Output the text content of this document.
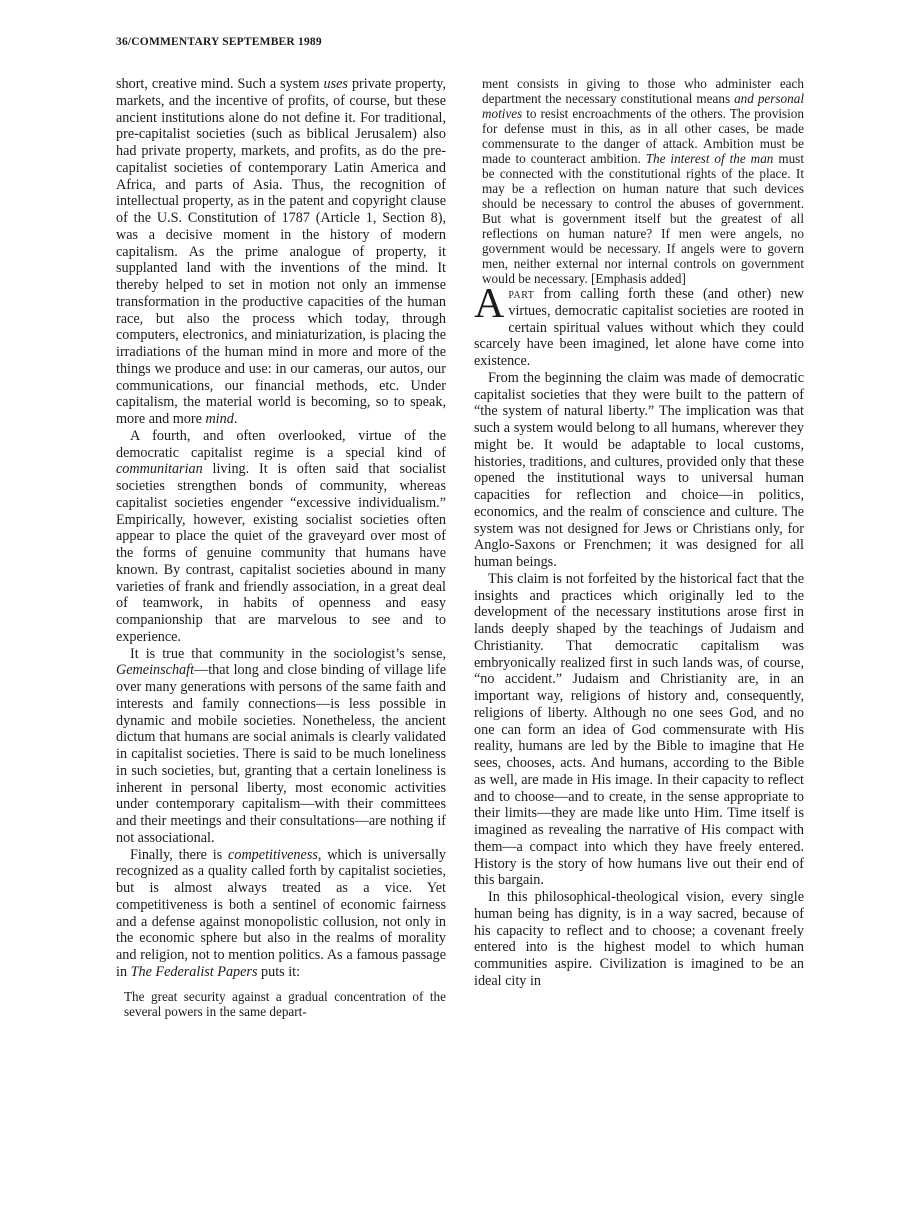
36/COMMENTARY SEPTEMBER 1989

short, creative mind. Such a system uses private property, markets, and the incentive of profits, of course, but these ancient institutions alone do not define it. For traditional, pre-capitalist societies (such as biblical Jerusalem) also had private property, markets, and profits, as do the pre-capitalist societies of contemporary Latin America and Africa, and parts of Asia. Thus, the recognition of intellectual property, as in the patent and copyright clause of the U.S. Constitution of 1787 (Article 1, Section 8), was a decisive moment in the history of modern capitalism. As the prime analogue of property, it supplanted land with the inventions of the mind. It thereby helped to set in motion not only an immense transformation in the productive capacities of the human race, but also the process which today, through computers, electronics, and miniaturization, is placing the irradiations of the human mind in more and more of the things we produce and use: in our cameras, our autos, our communications, our financial methods, etc. Under capitalism, the material world is becoming, so to speak, more and more mind.

A fourth, and often overlooked, virtue of the democratic capitalist regime is a special kind of communitarian living. It is often said that socialist societies strengthen bonds of community, whereas capitalist societies engender “excessive individualism.” Empirically, however, existing socialist societies often appear to place the quiet of the graveyard over most of the forms of genuine community that humans have known. By contrast, capitalist societies abound in many varieties of frank and friendly association, in a great deal of teamwork, in habits of openness and easy companionship that are marvelous to see and to experience.

It is true that community in the sociologist’s sense, Gemeinschaft—that long and close binding of village life over many generations with persons of the same faith and interests and family connections—is less possible in dynamic and mobile societies. Nonetheless, the ancient dictum that humans are social animals is clearly validated in capitalist societies. There is said to be much loneliness in such societies, but, granting that a certain loneliness is inherent in personal liberty, most economic activities under contemporary capitalism—with their committees and their meetings and their consultations—are nothing if not associational.

Finally, there is competitiveness, which is universally recognized as a quality called forth by capitalist societies, but is almost always treated as a vice. Yet competitiveness is both a sentinel of economic fairness and a defense against monopolistic collusion, not only in the economic sphere but also in the realms of morality and religion, not to mention politics. As a famous passage in The Federalist Papers puts it:

The great security against a gradual concentration of the several powers in the same depart-

ment consists in giving to those who administer each department the necessary constitutional means and personal motives to resist encroachments of the others. The provision for defense must in this, as in all other cases, be made commensurate to the danger of attack. Ambition must be made to counteract ambition. The interest of the man must be connected with the constitutional rights of the place. It may be a reflection on human nature that such devices should be necessary to control the abuses of government. But what is government itself but the greatest of all reflections on human nature? If men were angels, no government would be necessary. If angels were to govern men, neither external nor internal controls on government would be necessary. [Emphasis added]

Apart from calling forth these (and other) new virtues, democratic capitalist societies are rooted in certain spiritual values without which they could scarcely have been imagined, let alone have come into existence.

From the beginning the claim was made of democratic capitalist societies that they were built to the pattern of “the system of natural liberty.” The implication was that such a system would belong to all humans, wherever they might be. It would be adaptable to local customs, histories, traditions, and cultures, provided only that these opened the institutional ways to universal human capacities for reflection and choice—in politics, economics, and the realm of conscience and culture. The system was not designed for Jews or Christians only, for Anglo-Saxons or Frenchmen; it was designed for all human beings.

This claim is not forfeited by the historical fact that the insights and practices which originally led to the development of the necessary institutions arose first in lands deeply shaped by the teachings of Judaism and Christianity. That democratic capitalism was embryonically realized first in such lands was, of course, “no accident.” Judaism and Christianity are, in an important way, religions of history and, consequently, religions of liberty. Although no one sees God, and no one can form an idea of God commensurate with His reality, humans are led by the Bible to imagine that He sees, chooses, acts. And humans, according to the Bible as well, are made in His image. In their capacity to reflect and to choose—and to create, in the sense appropriate to their limits—they are made like unto Him. Time itself is imagined as revealing the narrative of His compact with them—a compact into which they have freely entered. History is the story of how humans live out their end of this bargain.

In this philosophical-theological vision, every single human being has dignity, is in a way sacred, because of his capacity to reflect and to choose; a covenant freely entered into is the highest model to which human communities aspire. Civilization is imagined to be an ideal city in
